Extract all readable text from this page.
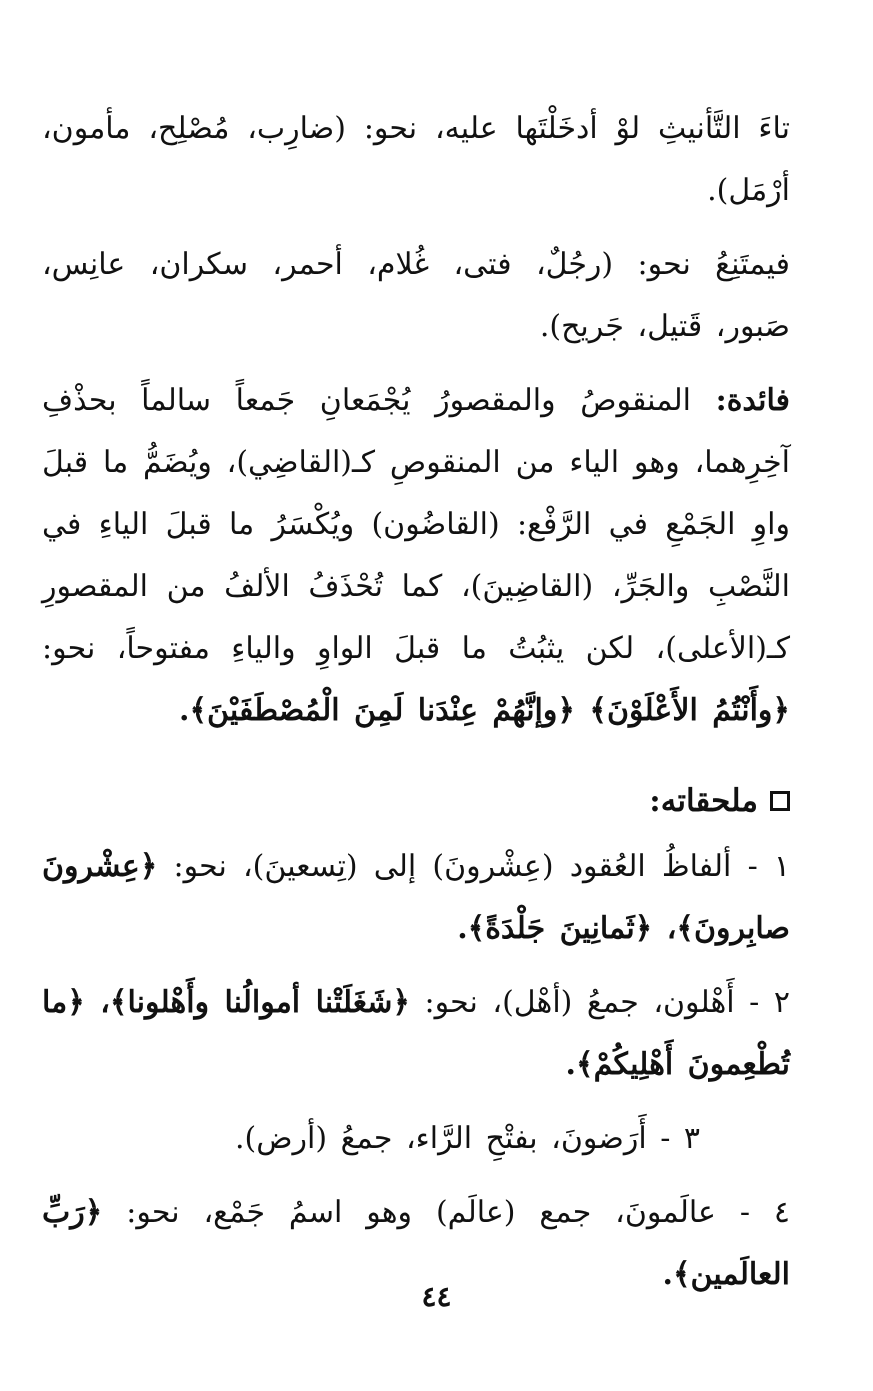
تاءَ التَّأنيثِ لوْ أدخَلْتَها عليه، نحو: (ضارِب، مُصْلِح، مأمون، أرْمَل).

فيمتَنِعُ نحو: (رجُلٌ، فتى، غُلام، أحمر، سكران، عانِس، صَبور، قَتيل، جَريح).

فائدة: المنقوصُ والمقصورُ يُجْمَعانِ جَمعاً سالماً بحذْفِ آخِرِهما، وهو الياء من المنقوصِ كـ(القاضِي)، ويُضَمُّ ما قبلَ واوِ الجَمْعِ في الرَّفْع: (القاضُون) ويُكْسَرُ ما قبلَ الياءِ في النَّصْبِ والجَرِّ، (القاضِينَ)، كما تُحْذَفُ الألفُ من المقصورِ كـ(الأعلى)، لكن يثبُتُ ما قبلَ الواوِ والياءِ مفتوحاً، نحو: ﴿وأَنْتُمُ الأَعْلَوْنَ﴾ ﴿وإنَّهُمْ عِنْدَنا لَمِنَ الْمُصْطَفَيْنَ﴾.

ملحقاته:

١ - ألفاظُ العُقود (عِشْرونَ) إلى (تِسعينَ)، نحو: ﴿عِشْرونَ صابِرونَ﴾، ﴿ثَمانِينَ جَلْدَةً﴾.

٢ - أَهْلون، جمعُ (أهْل)، نحو: ﴿شَغَلَتْنا أموالُنا وأَهْلونا﴾، ﴿ما تُطْعِمونَ أَهْلِيكُمْ﴾.

٣ - أَرَضونَ، بفتْحِ الرَّاء، جمعُ (أرض).

٤ - عالَمونَ، جمع (عالَم) وهو اسمُ جَمْع، نحو: ﴿رَبِّ العالَمين﴾.

٤٤
